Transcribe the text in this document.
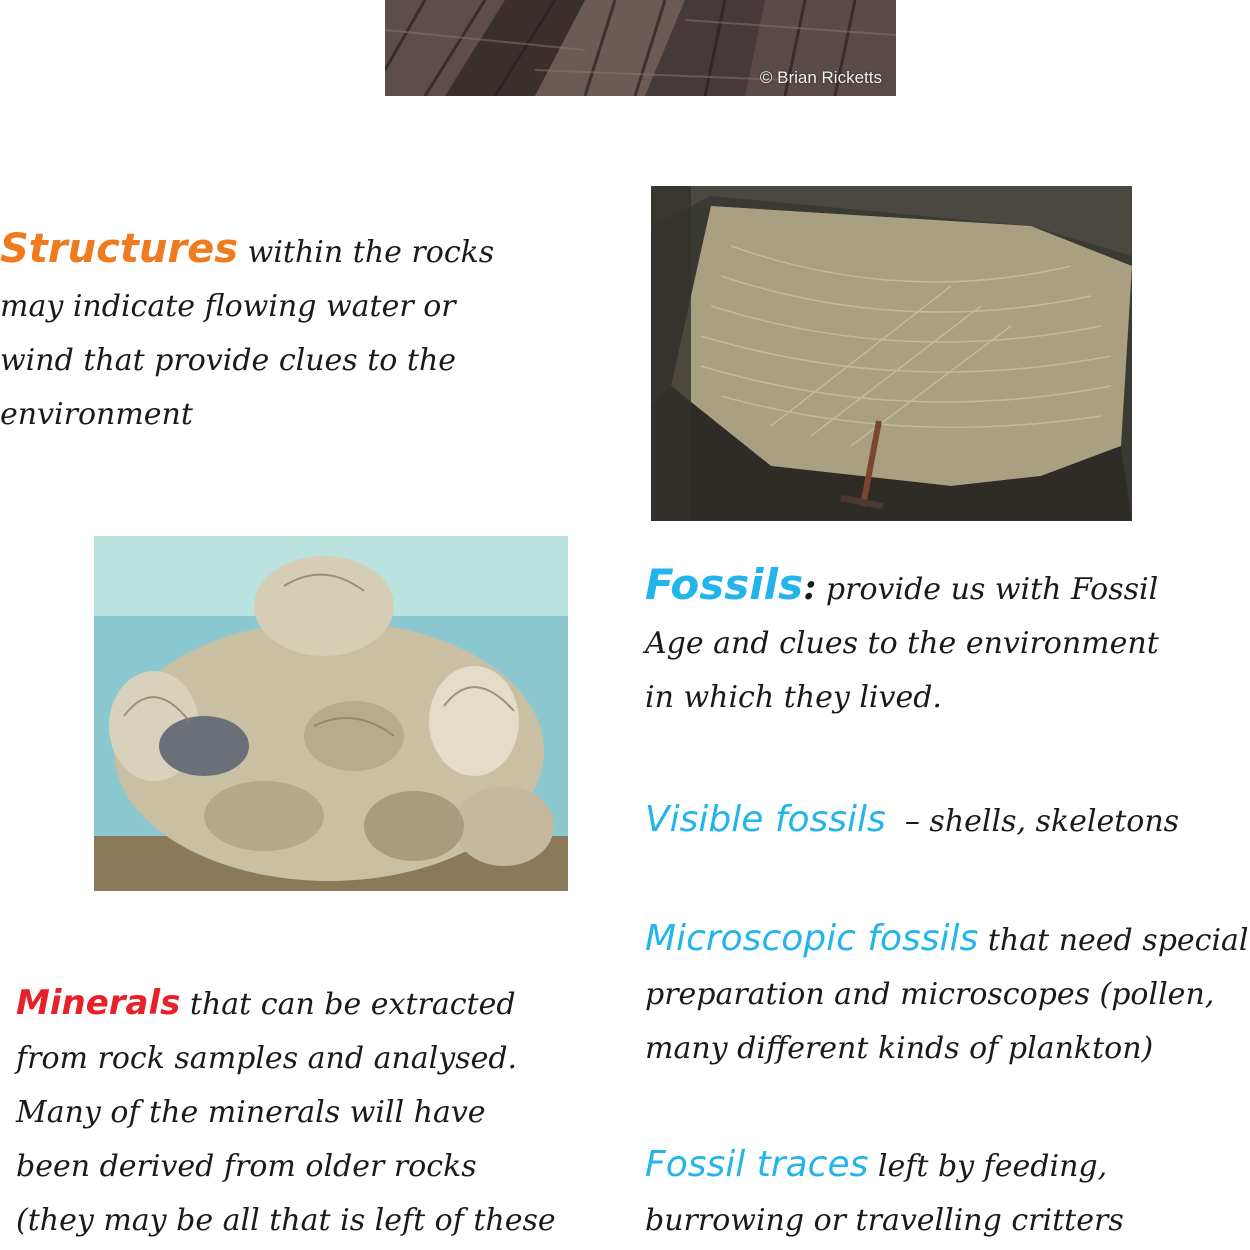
© Brian Ricketts
Structures within the rocks
may indicate flowing water or
wind that provide clues to the
environment
Fossils: provide us with Fossil
Age and clues to the environment
in which they lived.
Visible fossils – shells, skeletons
Microscopic fossils that need special
preparation and microscopes (pollen,
many different kinds of plankton)
Fossil traces left by feeding,
burrowing or travelling critters
Minerals that can be extracted
from rock samples and analysed.
Many of the minerals will have
been derived from older rocks
(they may be all that is left of these
